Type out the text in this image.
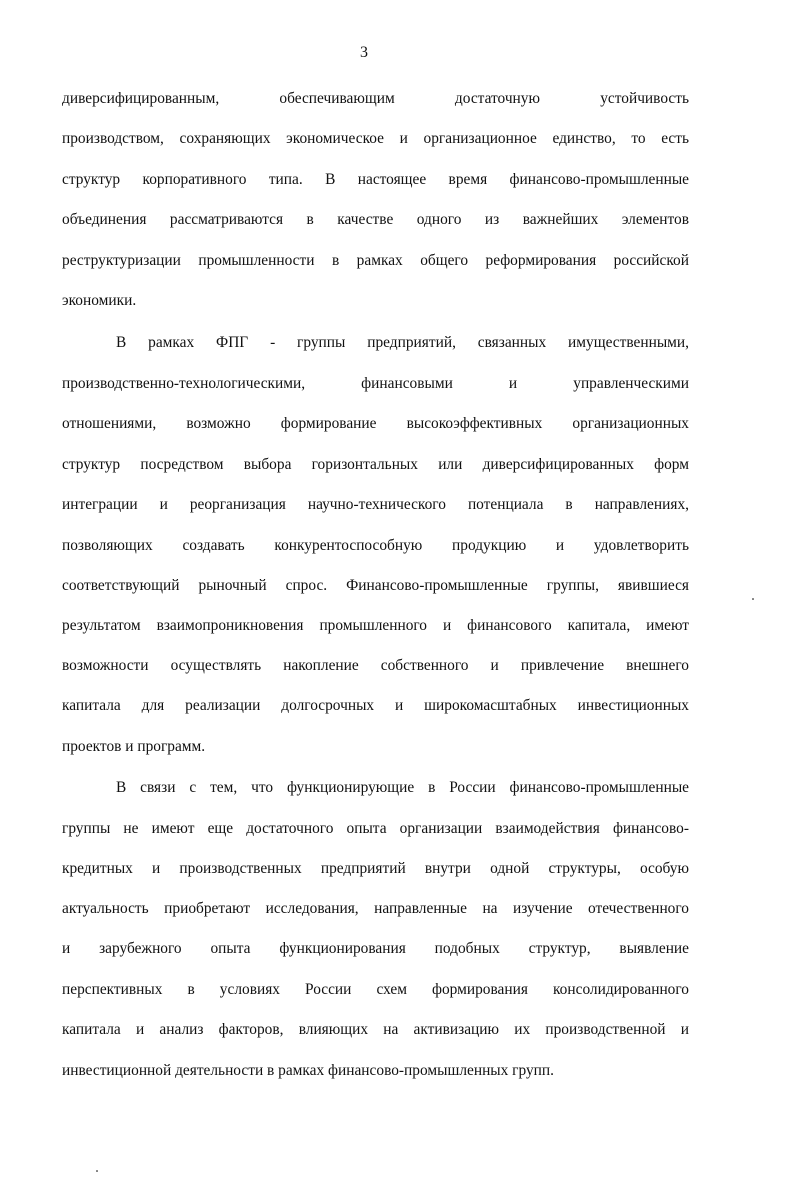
3
диверсифицированным, обеспечивающим достаточную устойчивость
производством, сохраняющих экономическое и организационное единство, то есть
структур корпоративного типа. В настоящее время финансово-промышленные
объединения рассматриваются в качестве одного из важнейших элементов
реструктуризации промышленности в рамках общего реформирования российской
экономики.
В рамках ФПГ - группы предприятий, связанных имущественными,
производственно-технологическими, финансовыми и управленческими
отношениями, возможно формирование высокоэффективных организационных
структур посредством выбора горизонтальных или диверсифицированных форм
интеграции и реорганизация научно-технического потенциала в направлениях,
позволяющих создавать конкурентоспособную продукцию и удовлетворить
соответствующий рыночный спрос. Финансово-промышленные группы, явившиеся
результатом взаимопроникновения промышленного и финансового капитала, имеют
возможности осуществлять накопление собственного и привлечение внешнего
капитала для реализации долгосрочных и широкомасштабных инвестиционных
проектов и программ.
В связи с тем, что функционирующие в России финансово-промышленные
группы не имеют еще достаточного опыта организации взаимодействия финансово-
кредитных и производственных предприятий внутри одной структуры, особую
актуальность приобретают исследования, направленные на изучение отечественного
и зарубежного опыта функционирования подобных структур, выявление
перспективных в условиях России схем формирования консолидированного
капитала и анализ факторов, влияющих на активизацию их производственной и
инвестиционной деятельности в рамках финансово-промышленных групп.
